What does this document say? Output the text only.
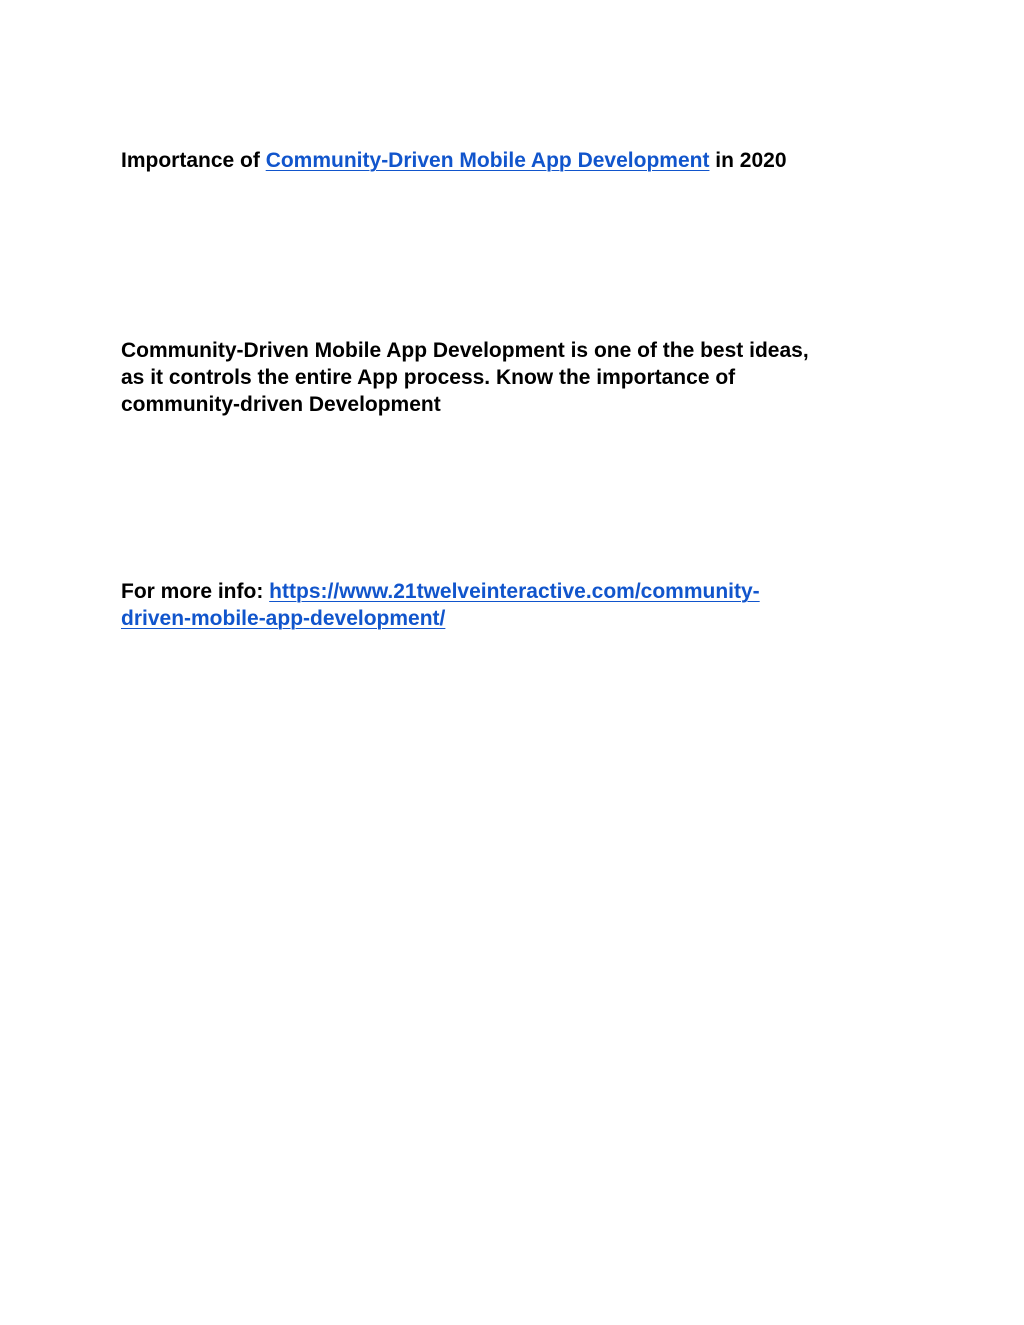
Importance of Community-Driven Mobile App Development in 2020
Community-Driven Mobile App Development is one of the best ideas,
as it controls the entire App process. Know the importance of
community-driven Development
For more info: https://www.21twelveinteractive.com/community-
driven-mobile-app-development/
